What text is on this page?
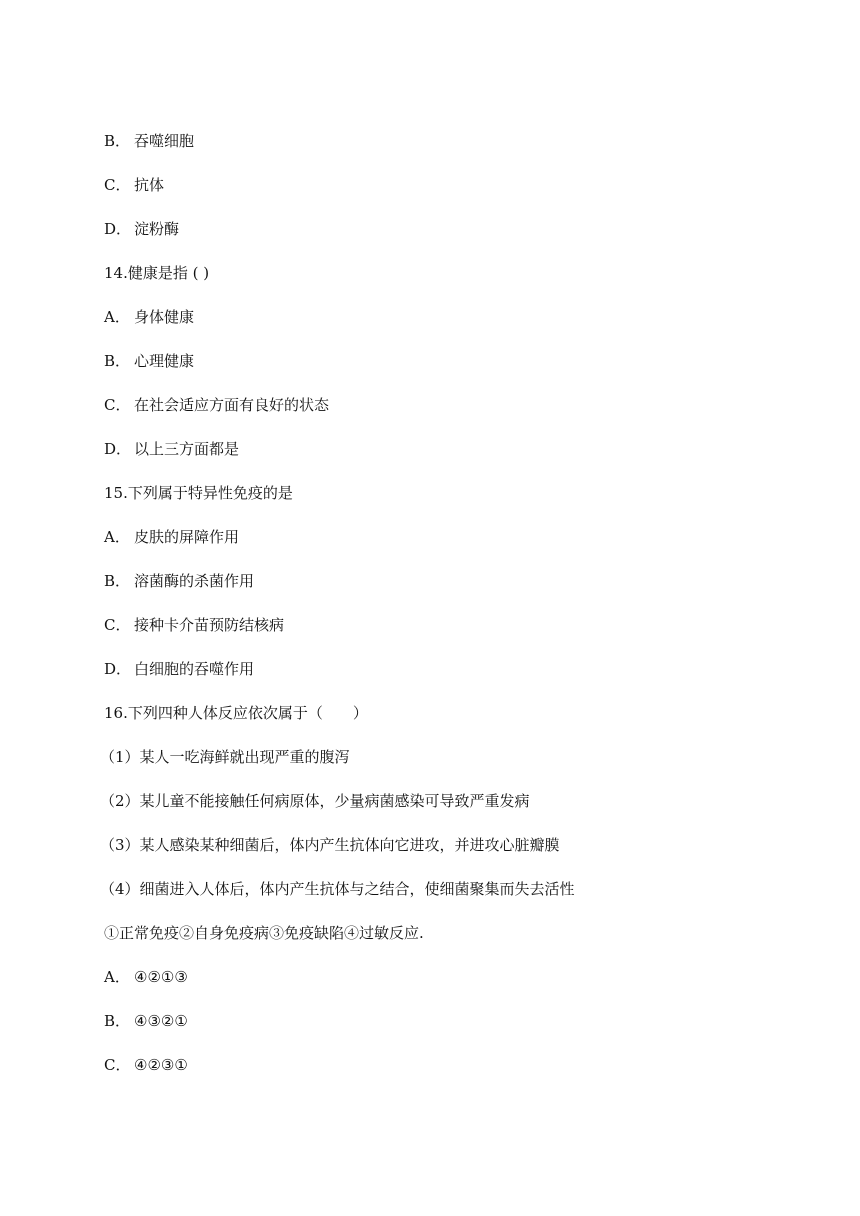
B． 吞噬细胞
C． 抗体
D． 淀粉酶
14.健康是指 ( )
A． 身体健康
B． 心理健康
C． 在社会适应方面有良好的状态
D． 以上三方面都是
15.下列属于特异性免疫的是
A． 皮肤的屏障作用
B． 溶菌酶的杀菌作用
C． 接种卡介苗预防结核病
D． 白细胞的吞噬作用
16.下列四种人体反应依次属于（　　）
（1）某人一吃海鲜就出现严重的腹泻
（2）某儿童不能接触任何病原体，少量病菌感染可导致严重发病
（3）某人感染某种细菌后，体内产生抗体向它进攻，并进攻心脏瓣膜
（4）细菌进入人体后，体内产生抗体与之结合，使细菌聚集而失去活性
①正常免疫②自身免疫病③免疫缺陷④过敏反应.
A． ④②①③
B． ④③②①
C． ④②③①
